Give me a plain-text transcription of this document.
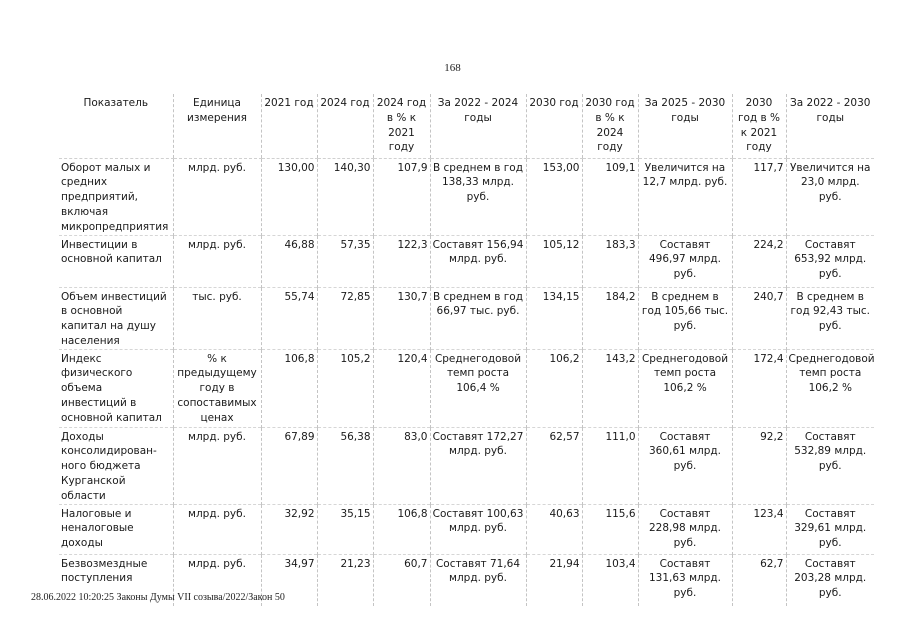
168
Показатель	Единица измерения	2021 год	2024 год	2024 год в % к 2021 году	За 2022 - 2024 годы	2030 год	2030 год в % к 2024 году	За 2025 - 2030 годы	2030 год в % к 2021 году	За 2022 - 2030 годы
Оборот малых и средних предприятий, включая микропредприятия	млрд. руб.	130,00	140,30	107,9	В среднем в год 138,33 млрд. руб.	153,00	109,1	Увеличится на 12,7 млрд. руб.	117,7	Увеличится на 23,0 млрд. руб.
Инвестиции в основной капитал	млрд. руб.	46,88	57,35	122,3	Составят 156,94 млрд. руб.	105,12	183,3	Составят 496,97 млрд. руб.	224,2	Составят 653,92 млрд. руб.
Объем инвестиций в основной капитал на душу населения	тыс. руб.	55,74	72,85	130,7	В среднем в год 66,97 тыс. руб.	134,15	184,2	В среднем в год 105,66 тыс. руб.	240,7	В среднем в год 92,43 тыс. руб.
Индекс физического объема инвестиций в основной капитал	% к предыдущему году в сопоставимых ценах	106,8	105,2	120,4	Среднегодовой темп роста 106,4 %	106,2	143,2	Среднегодовой темп роста 106,2 %	172,4	Среднегодовой темп роста 106,2 %
Доходы консолидирован-ного бюджета Курганской области	млрд. руб.	67,89	56,38	83,0	Составят 172,27 млрд. руб.	62,57	111,0	Составят 360,61 млрд. руб.	92,2	Составят 532,89 млрд. руб.
Налоговые и неналоговые доходы	млрд. руб.	32,92	35,15	106,8	Составят 100,63 млрд. руб.	40,63	115,6	Составят 228,98 млрд. руб.	123,4	Составят 329,61 млрд. руб.
Безвозмездные поступления	млрд. руб.	34,97	21,23	60,7	Составят 71,64 млрд. руб.	21,94	103,4	Составят 131,63 млрд. руб.	62,7	Составят 203,28 млрд. руб.
28.06.2022 10:20:25 Законы Думы VII созыва/2022/Закон 50
